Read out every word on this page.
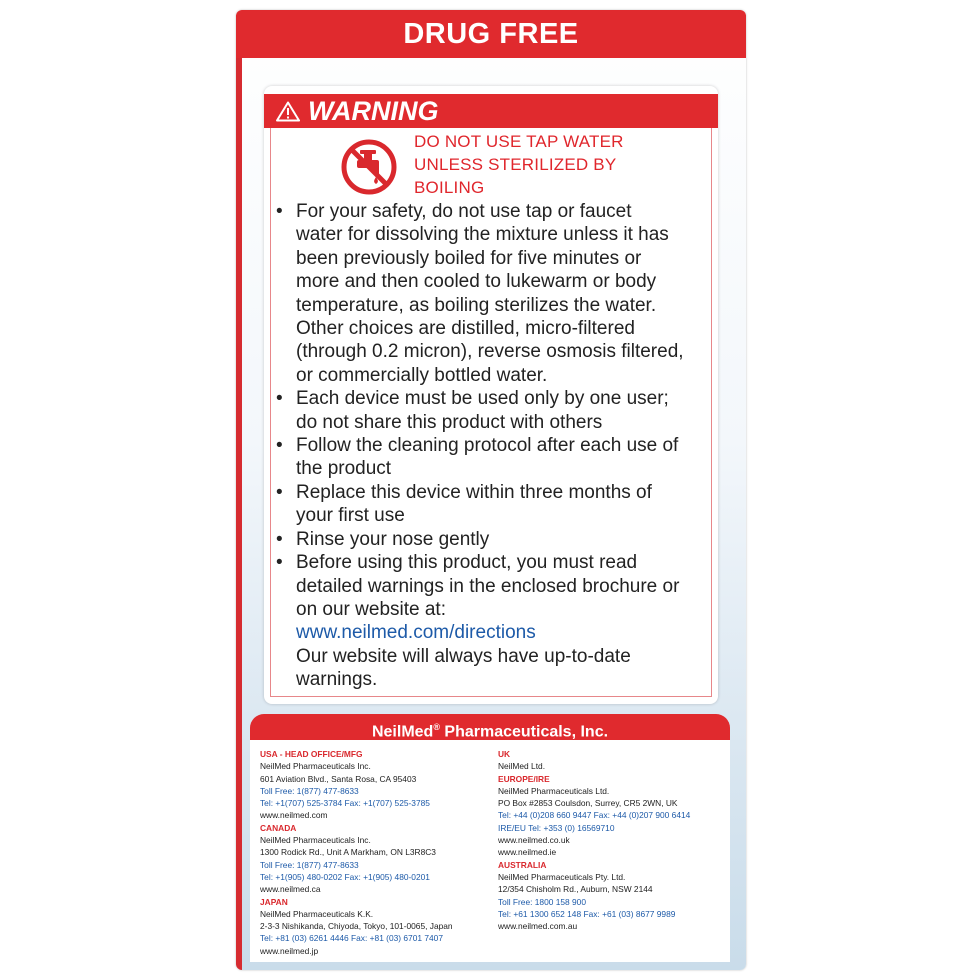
DRUG FREE
WARNING
DO NOT USE TAP WATER
UNLESS STERILIZED BY
BOILING
• For your safety, do not use tap or faucet
water for dissolving the mixture unless it has
been previously boiled for five minutes or
more and then cooled to lukewarm or body
temperature, as boiling sterilizes the water.
Other choices are distilled, micro-filtered
(through 0.2 micron), reverse osmosis filtered,
or commercially bottled water.
• Each device must be used only by one user;
do not share this product with others
• Follow the cleaning protocol after each use of
the product
• Replace this device within three months of
your first use
• Rinse your nose gently
• Before using this product, you must read
detailed warnings in the enclosed brochure or
on our website at:
www.neilmed.com/directions
Our website will always have up-to-date
warnings.
NeilMed® Pharmaceuticals, Inc.
USA - HEAD OFFICE/MFG
NeilMed Pharmaceuticals Inc.
601 Aviation Blvd., Santa Rosa, CA 95403
Toll Free: 1(877) 477-8633
Tel: +1(707) 525-3784 Fax: +1(707) 525-3785
www.neilmed.com
CANADA
NeilMed Pharmaceuticals Inc.
1300 Rodick Rd., Unit A Markham, ON L3R8C3
Toll Free: 1(877) 477-8633
Tel: +1(905) 480-0202 Fax: +1(905) 480-0201
www.neilmed.ca
JAPAN
NeilMed Pharmaceuticals K.K.
2-3-3 Nishikanda, Chiyoda, Tokyo, 101-0065, Japan
Tel: +81 (03) 6261 4446 Fax: +81 (03) 6701 7407
www.neilmed.jp
UK
NeilMed Ltd.
EUROPE/IRE
NeilMed Pharmaceuticals Ltd.
PO Box #2853 Coulsdon, Surrey, CR5 2WN, UK
Tel: +44 (0)208 660 9447 Fax: +44 (0)207 900 6414
IRE/EU Tel: +353 (0) 16569710
www.neilmed.co.uk
www.neilmed.ie
AUSTRALIA
NeilMed Pharmaceuticals Pty. Ltd.
12/354 Chisholm Rd., Auburn, NSW 2144
Toll Free: 1800 158 900
Tel: +61 1300 652 148 Fax: +61 (03) 8677 9989
www.neilmed.com.au
